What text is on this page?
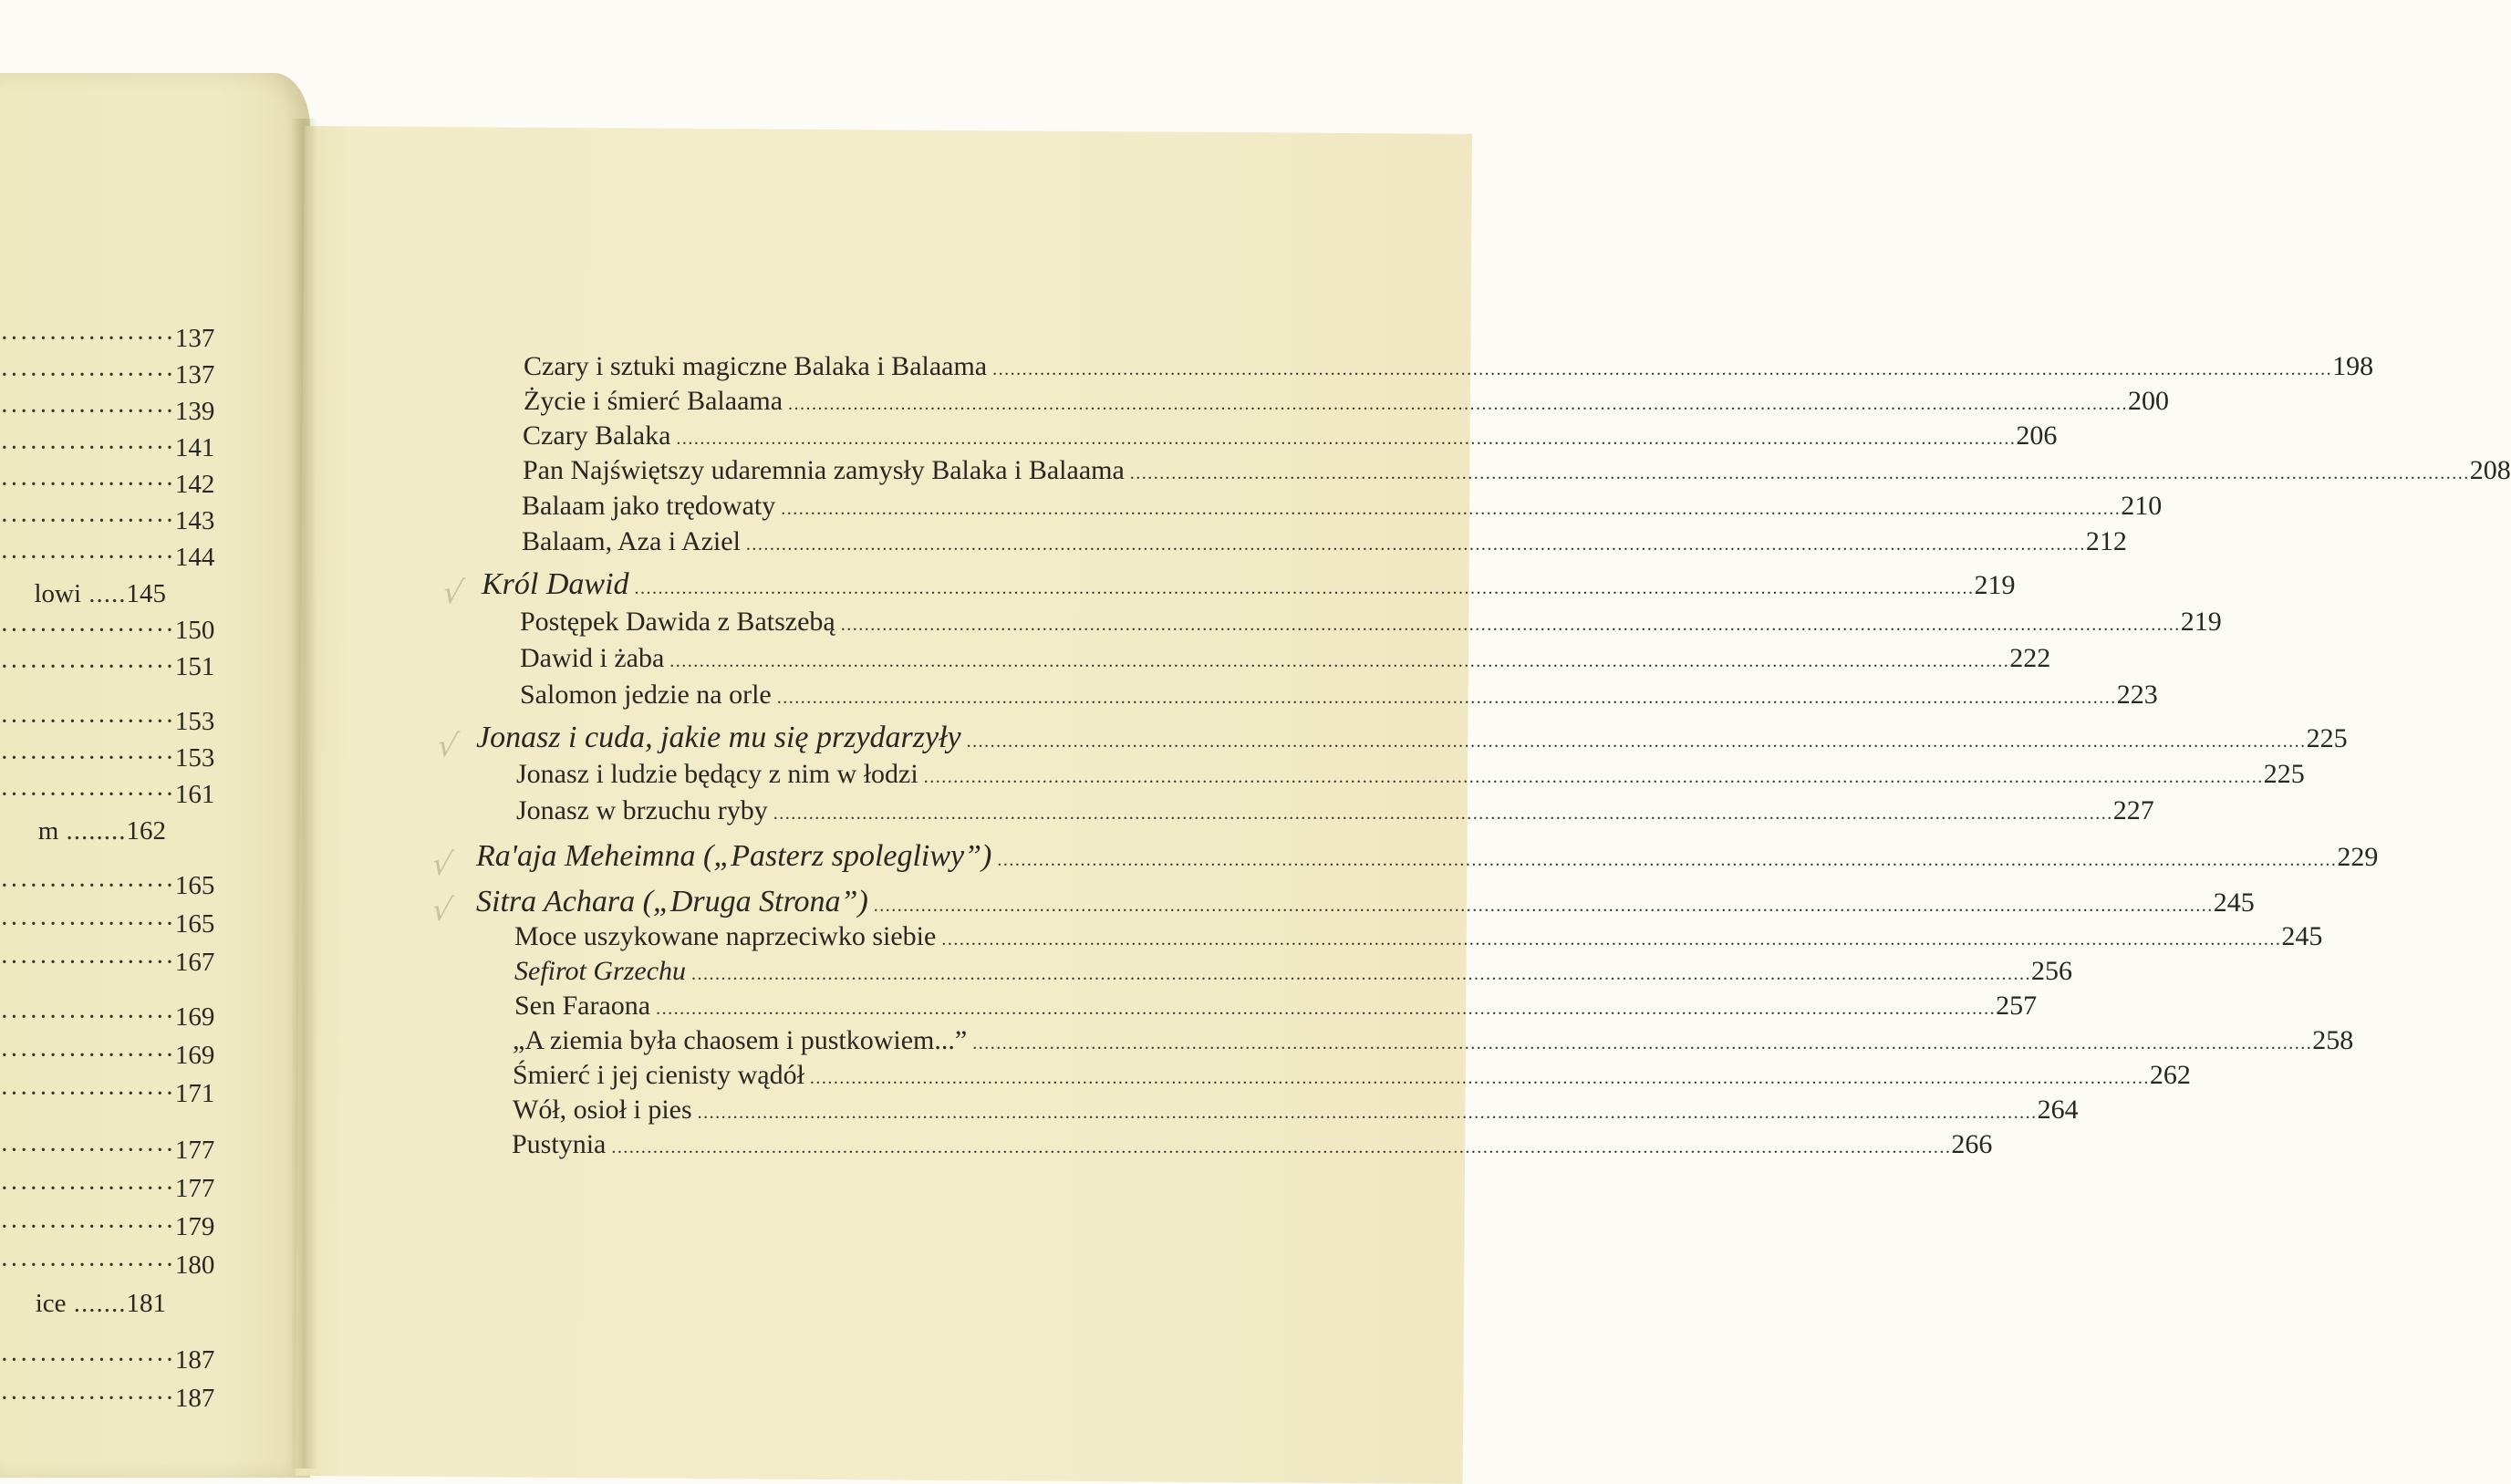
··················137
··················137
··················139
··················141
··················142
··················143
··················144
lowi .....145
··················150
··················151
··················153
··················153
··················161
m ........162
··················165
··················165
··················167
··················169
··················169
··················171
··················177
··················177
··················179
··················180
ice .......181
··················187
··················187
Czary i sztuki magiczne Balaka i Balaama .....	198
Życie i śmierć Balaama .....	200
Czary Balaka .....	206
Pan Najświętszy udaremnia zamysły Balaka i Balaama .....	208
Balaam jako trędowaty .....	210
Balaam, Aza i Aziel .....	212
√ Król Dawid .....	219
Postępek Dawida z Batszebą .....	219
Dawid i żaba .....	222
Salomon jedzie na orle .....	223
√ Jonasz i cuda, jakie mu się przydarzyły .....	225
Jonasz i ludzie będący z nim w łodzi .....	225
Jonasz w brzuchu ryby .....	227
√ Ra'aja Meheimna („Pasterz spolegliwy”) .....	229
√ Sitra Achara („Druga Strona”) .....	245
Moce uszykowane naprzeciwko siebie .....	245
Sefirot Grzechu .....	256
Sen Faraona .....	257
„A ziemia była chaosem i pustkowiem...” .....	258
Śmierć i jej cienisty wądół .....	262
Wół, osioł i pies .....	264
Pustynia .....	266
